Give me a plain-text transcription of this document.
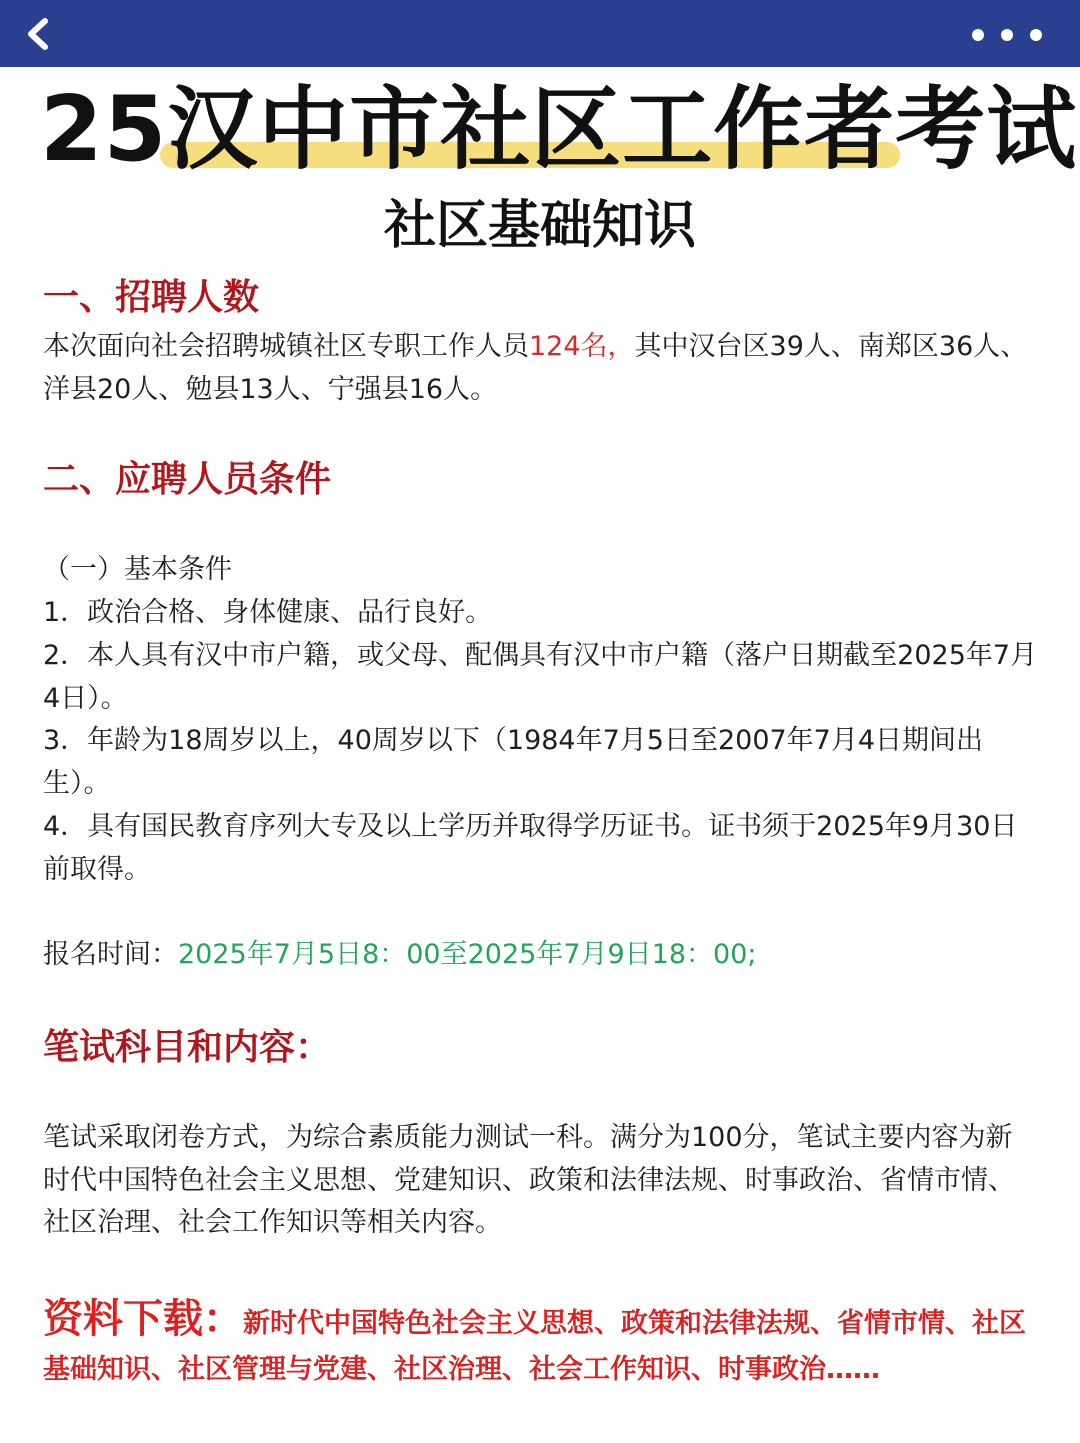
25汉中市社区工作者考试
社区基础知识
一、招聘人数
本次面向社会招聘城镇社区专职工作人员124名，其中汉台区39人、南郑区36人、洋县20人、勉县13人、宁强县16人。
二、应聘人员条件
（一）基本条件
1．政治合格、身体健康、品行良好。
2．本人具有汉中市户籍，或父母、配偶具有汉中市户籍（落户日期截至2025年7月4日）。
3．年龄为18周岁以上，40周岁以下（1984年7月5日至2007年7月4日期间出生）。
4．具有国民教育序列大专及以上学历并取得学历证书。证书须于2025年9月30日前取得。
报名时间：2025年7月5日8：00至2025年7月9日18：00;
笔试科目和内容：
笔试采取闭卷方式，为综合素质能力测试一科。满分为100分，笔试主要内容为新时代中国特色社会主义思想、党建知识、政策和法律法规、时事政治、省情市情、社区治理、社会工作知识等相关内容。
资料下载：新时代中国特色社会主义思想、政策和法律法规、省情市情、社区基础知识、社区管理与党建、社区治理、社会工作知识、时事政治……
